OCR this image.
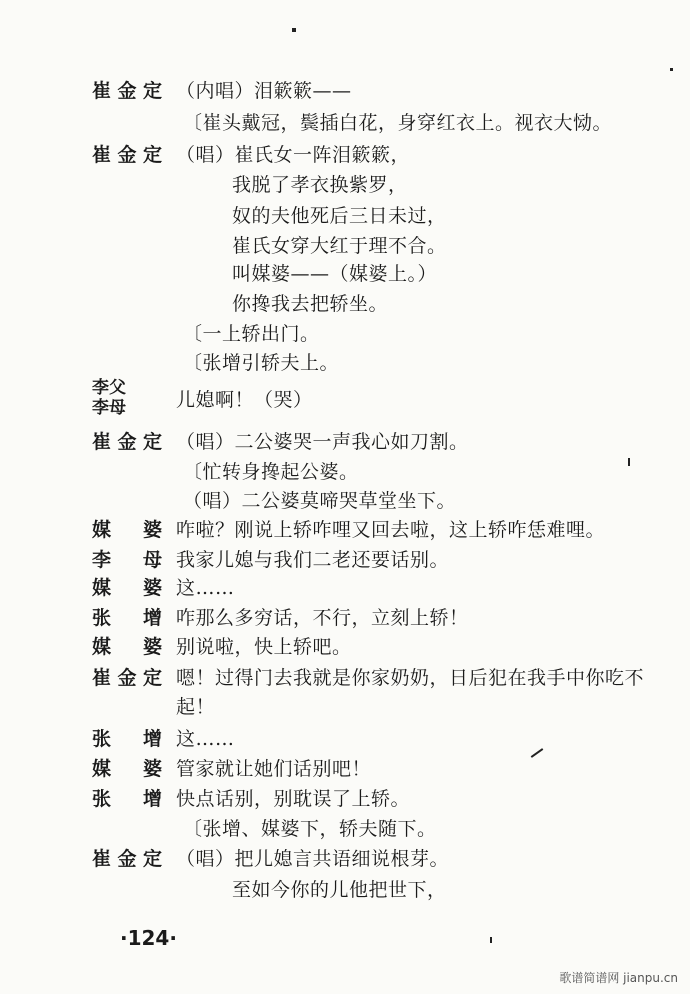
崔金定 （内唱）泪簌簌——
〔崔头戴冠，鬓插白花，身穿红衣上。视衣大恸。
崔金定 （唱）崔氏女一阵泪簌簌，
我脱了孝衣换紫罗，
奴的夫他死后三日未过，
崔氏女穿大红于理不合。
叫媒婆——（媒婆上。）
你搀我去把轿坐。
〔一上轿出门。
〔张增引轿夫上。
李父
李母	儿媳啊！（哭）
崔金定 （唱）二公婆哭一声我心如刀割。
〔忙转身搀起公婆。
（唱）二公婆莫啼哭草堂坐下。
媒婆 咋啦？刚说上轿咋哩又回去啦，这上轿咋恁难哩。
李母 我家儿媳与我们二老还要话别。
媒婆 这……
张增 咋那么多穷话，不行，立刻上轿！
媒婆 别说啦，快上轿吧。
崔金定 嗯！过得门去我就是你家奶奶，日后犯在我手中你吃不
起！
张增 这……
媒婆 管家就让她们话别吧！
张增 快点话别，别耽误了上轿。
〔张增、媒婆下，轿夫随下。
崔金定 （唱）把儿媳言共语细说根芽。
至如今你的儿他把世下，
·124·
歌谱简谱网 jianpu.cn
